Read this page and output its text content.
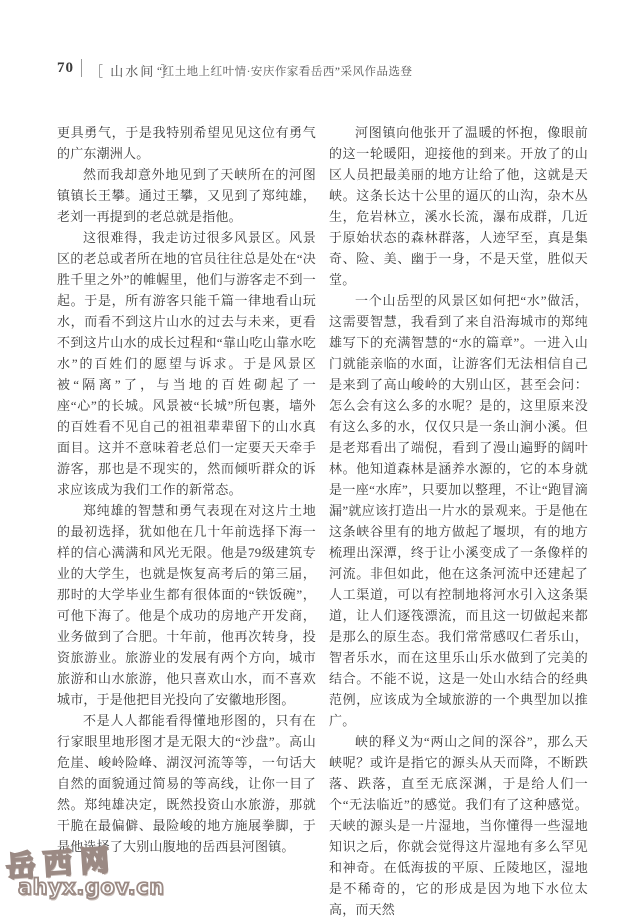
70 ［ 山水间 ］
“红土地上红叶情·安庆作家看岳西”采风作品选登

更具勇气，于是我特别希望见见这位有勇气的广东潮洲人。

然而我却意外地见到了天峡所在的河图镇镇长王攀。通过王攀，又见到了郑纯雄，老刘一再提到的老总就是指他。

这很难得，我走访过很多风景区。风景区的老总或者所在地的官员往往总是处在“决胜千里之外”的帷幄里，他们与游客走不到一起。于是，所有游客只能千篇一律地看山玩水，而看不到这片山水的过去与未来，更看不到这片山水的成长过程和“靠山吃山靠水吃水”的百姓们的愿望与诉求。于是风景区被“隔离”了，与当地的百姓砌起了一座“心”的长城。风景被“长城”所包裹，墙外的百姓看不见自己的祖祖辈辈留下的山水真面目。这并不意味着老总们一定要天天牵手游客，那也是不现实的，然而倾听群众的诉求应该成为我们工作的新常态。

郑纯雄的智慧和勇气表现在对这片土地的最初选择，犹如他在几十年前选择下海一样的信心满满和风光无限。他是79级建筑专业的大学生，也就是恢复高考后的第三届，那时的大学毕业生都有很体面的“铁饭碗”，可他下海了。他是个成功的房地产开发商，业务做到了合肥。十年前，他再次转身，投资旅游业。旅游业的发展有两个方向，城市旅游和山水旅游，他只喜欢山水，而不喜欢城市，于是他把目光投向了安徽地形图。

不是人人都能看得懂地形图的，只有在行家眼里地形图才是无限大的“沙盘”。高山危崖、峻岭险峰、湖汊河流等等，一句话大自然的面貌通过简易的等高线，让你一目了然。郑纯雄决定，既然投资山水旅游，那就干脆在最偏僻、最险峻的地方施展拳脚，于是他选择了大别山腹地的岳西县河图镇。

河图镇向他张开了温暖的怀抱，像眼前的这一轮暖阳，迎接他的到来。开放了的山区人员把最美丽的地方让给了他，这就是天峡。这条长达十公里的逼仄的山沟，杂木丛生，危岩林立，溪水长流，瀑布成群，几近于原始状态的森林群落，人迹罕至，真是集奇、险、美、幽于一身，不是天堂，胜似天堂。

一个山岳型的风景区如何把“水”做活，这需要智慧，我看到了来自沿海城市的郑纯雄写下的充满智慧的“水的篇章”。一进入山门就能亲临的水面，让游客们无法相信自己是来到了高山峻岭的大别山区，甚至会问：怎么会有这么多的水呢？是的，这里原来没有这么多的水，仅仅只是一条山涧小溪。但是老郑看出了端倪，看到了漫山遍野的阔叶林。他知道森林是涵养水源的，它的本身就是一座“水库”，只要加以整理，不让“跑冒滴漏”就应该打造出一片水的景观来。于是他在这条峡谷里有的地方做起了堰坝，有的地方梳理出深潭，终于让小溪变成了一条像样的河流。非但如此，他在这条河流中还建起了人工渠道，可以有控制地将河水引入这条渠道，让人们逐筏漂流，而且这一切做起来都是那么的原生态。我们常常感叹仁者乐山，智者乐水，而在这里乐山乐水做到了完美的结合。不能不说，这是一处山水结合的经典范例，应该成为全域旅游的一个典型加以推广。

峡的释义为“两山之间的深谷”，那么天峡呢？或许是指它的源头从天而降，不断跌落、跌落，直至无底深渊，于是给人们一个“无法临近”的感觉。我们有了这种感觉。天峡的源头是一片湿地，当你懂得一些湿地知识之后，你就会觉得这片湿地有多么罕见和神奇。在低海拔的平原、丘陵地区，湿地是不稀奇的，它的形成是因为地下水位太高，而天然

岳西网
ahyx.gov.cn
